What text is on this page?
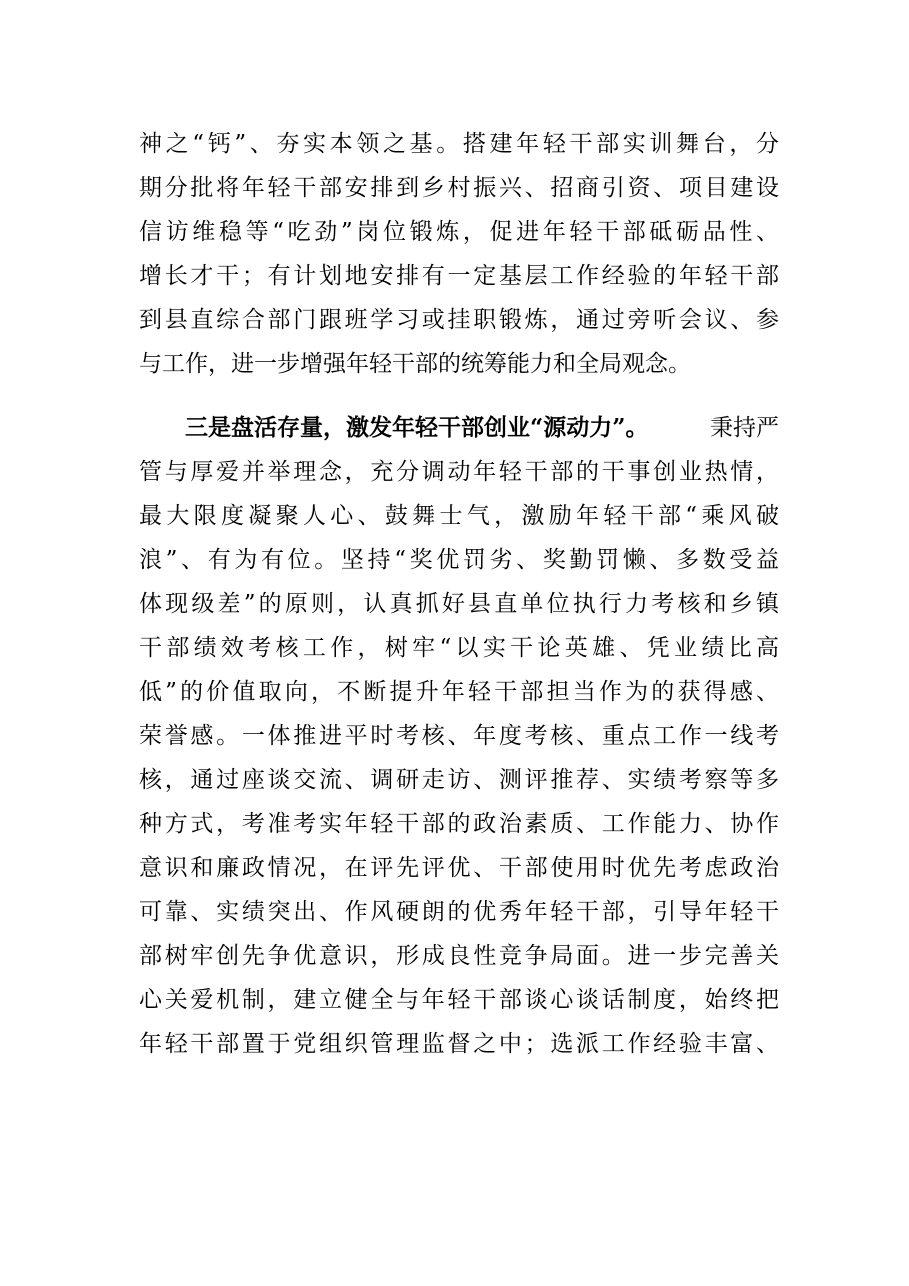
神之“钙”、夯实本领之基。搭建年轻干部实训舞台，分
期分批将年轻干部安排到乡村振兴、招商引资、项目建设
信访维稳等“吃劲”岗位锻炼，促进年轻干部砥砺品性、
增长才干；有计划地安排有一定基层工作经验的年轻干部
到县直综合部门跟班学习或挂职锻炼，通过旁听会议、参
与工作，进一步增强年轻干部的统筹能力和全局观念。
三是盘活存量，激发年轻干部创业“源动力”。	秉持严
管与厚爱并举理念，充分调动年轻干部的干事创业热情，
最大限度凝聚人心、鼓舞士气，激励年轻干部“乘风破
浪”、有为有位。坚持“奖优罚劣、奖勤罚懒、多数受益
体现级差”的原则，认真抓好县直单位执行力考核和乡镇
干部绩效考核工作，树牢“以实干论英雄、凭业绩比高
低”的价值取向，不断提升年轻干部担当作为的获得感、
荣誉感。一体推进平时考核、年度考核、重点工作一线考
核，通过座谈交流、调研走访、测评推荐、实绩考察等多
种方式，考准考实年轻干部的政治素质、工作能力、协作
意识和廉政情况，在评先评优、干部使用时优先考虑政治
可靠、实绩突出、作风硬朗的优秀年轻干部，引导年轻干
部树牢创先争优意识，形成良性竞争局面。进一步完善关
心关爱机制，建立健全与年轻干部谈心谈话制度，始终把
年轻干部置于党组织管理监督之中；选派工作经验丰富、
